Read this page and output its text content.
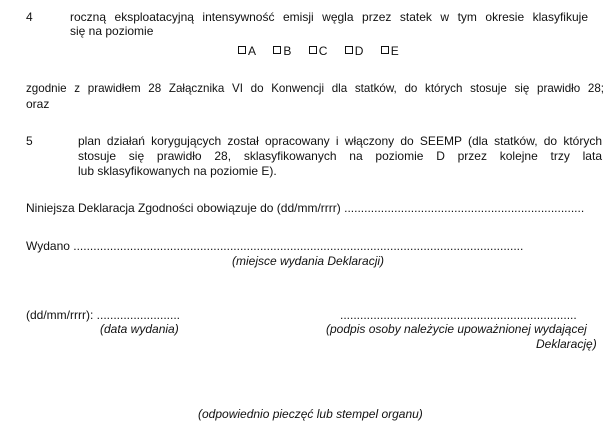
4	roczną eksploatacyjną intensywność emisji węgla przez statek w tym okresie klasyfikuje
się na poziomie
A B C D E
zgodnie z prawidłem 28 Załącznika VI do Konwencji dla statków, do których stosuje się prawidło 28;
oraz
5	plan działań korygujących został opracowany i włączony do SEEMP (dla statków, do których
stosuje się prawidło 28, sklasyfikowanych na poziomie D przez kolejne trzy lata
lub sklasyfikowanych na poziomie E).
Niniejsza Deklaracja Zgodności obowiązuje do (dd/mm/rrrr) ........................................................................
Wydano .......................................................................................................................................
(miejsce wydania Deklaracji)
(dd/mm/rrrr): .........................
(data wydania)
.......................................................................
(podpis osoby należycie upoważnionej wydającej
Deklarację)
(odpowiednio pieczęć lub stempel organu)
